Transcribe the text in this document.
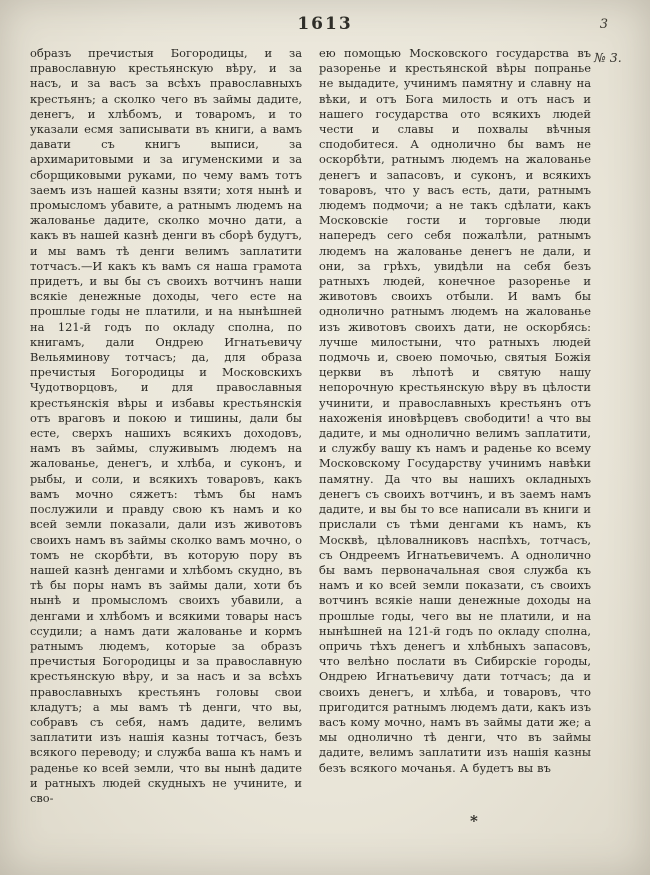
1613	3
№ 3.
образъ пречистыя Богородицы, и за православную крестьянскую вѣру, и за насъ, и за васъ за всѣхъ православныхъ крестьянъ; а сколко чего въ займы дадите, денегъ, и хлѣбомъ, и товаромъ, и то указали есмя записывати въ книги, а вамъ давати съ книгъ выписи, за архимаритовыми и за игуменскими и за сборщиковыми руками, по чему вамъ тотъ заемъ изъ нашей казны взяти; хотя нынѣ и промысломъ убавите, а ратнымъ людемъ на жалованье дадите, сколко мочно дати, а какъ въ нашей казнѣ денги въ сборѣ будутъ, и мы вамъ тѣ денги велимъ заплатити тотчасъ.—И какъ къ вамъ ся наша грамота придетъ, и вы бы съ своихъ вотчинъ наши всякіе денежные доходы, чего есте на прошлые годы не платили, и на нынѣшней на 121-й годъ по окладу сполна, по книгамъ, дали Ондрею Игнатьевичу Вельяминову тотчасъ; да, для образа пречистыя Богородицы и Московскихъ Чудотворцовъ, и для православныя крестьянскія вѣры и избавы крестьянскія отъ враговъ и покою и тишины, дали бы есте, сверхъ нашихъ всякихъ доходовъ, намъ въ займы, служивымъ людемъ на жалованье, денегъ, и хлѣба, и суконъ, и рыбы, и соли, и всякихъ товаровъ, какъ вамъ мочно сяжетъ: тѣмъ бы намъ послужили и правду свою къ намъ и ко всей земли показали, дали изъ животовъ своихъ намъ въ займы сколко вамъ мочно, о томъ не скорбѣти, въ которую пору въ нашей казнѣ денгами и хлѣбомъ скудно, въ тѣ бы поры намъ въ займы дали, хоти бъ нынѣ и промысломъ своихъ убавили, а денгами и хлѣбомъ и всякими товары насъ ссудили; а намъ дати жалованье и кормъ ратнымъ людемъ, которые за образъ пречистыя Богородицы и за православную крестьянскую вѣру, и за насъ и за всѣхъ православныхъ крестьянъ головы свои кладутъ; а мы вамъ тѣ денги, что вы, собравъ съ себя, намъ дадите, велимъ заплатити изъ нашія казны тотчасъ, безъ всякого переводу; и служба ваша къ намъ и раденье ко всей земли, что вы нынѣ дадите и ратныхъ людей скудныхъ не учините, и сво-
ею помощью Московского государства въ разоренье и крестьянской вѣры попранье не выдадите, учинимъ памятну и славну на вѣки, и отъ Бога милость и отъ насъ и нашего государства ото всякихъ людей чести и славы и похвалы вѣчныя сподобитеся. А однолично бы вамъ не оскорбѣти, ратнымъ людемъ на жалованье денегъ и запасовъ, и суконъ, и всякихъ товаровъ, что у васъ есть, дати, ратнымъ людемъ подмочи; а не такъ сдѣлати, какъ Московскіе гости и торговые люди напередъ сего себя пожалѣли, ратнымъ людемъ на жалованье денегъ не дали, и они, за грѣхъ, увидѣли на себя безъ ратныхъ людей, конечное разоренье и животовъ своихъ отбыли. И вамъ бы однолично ратнымъ людемъ на жалованье изъ животовъ своихъ дати, не оскорбясь: лучше милостыни, что ратныхъ людей подмочь и, своею помочью, святыя Божія церкви въ лѣпотѣ и святую нашу непорочную крестьянскую вѣру въ цѣлости учинити, и православныхъ крестьянъ отъ нахоженія иновѣрцевъ свободити! а что вы дадите, и мы однолично велимъ заплатити, и службу вашу къ намъ и раденье ко всему Московскому Государству учинимъ навѣки памятну. Да что вы нашихъ окладныхъ денегъ съ своихъ вотчинъ, и въ заемъ намъ дадите, и вы бы то все написали въ книги и прислали съ тѣми денгами къ намъ, къ Москвѣ, цѣловалниковъ наспѣхъ, тотчасъ, съ Ондреемъ Игнатьевичемъ. А однолично бы вамъ первоначальная своя служба къ намъ и ко всей земли показати, съ своихъ вотчинъ всякіе наши денежные доходы на прошлые годы, чего вы не платили, и на нынѣшней на 121-й годъ по окладу сполна, опричь тѣхъ денегъ и хлѣбныхъ запасовъ, что велѣно послати въ Сибирскіе городы, Ондрею Игнатьевичу дати тотчасъ; да и своихъ денегъ, и хлѣба, и товаровъ, что пригодится ратнымъ людемъ дати, какъ изъ васъ кому мочно, намъ въ займы дати же; а мы однолично тѣ денги, что въ займы дадите, велимъ заплатити изъ нашія казны безъ всякого мочанья. А будетъ вы въ
*
